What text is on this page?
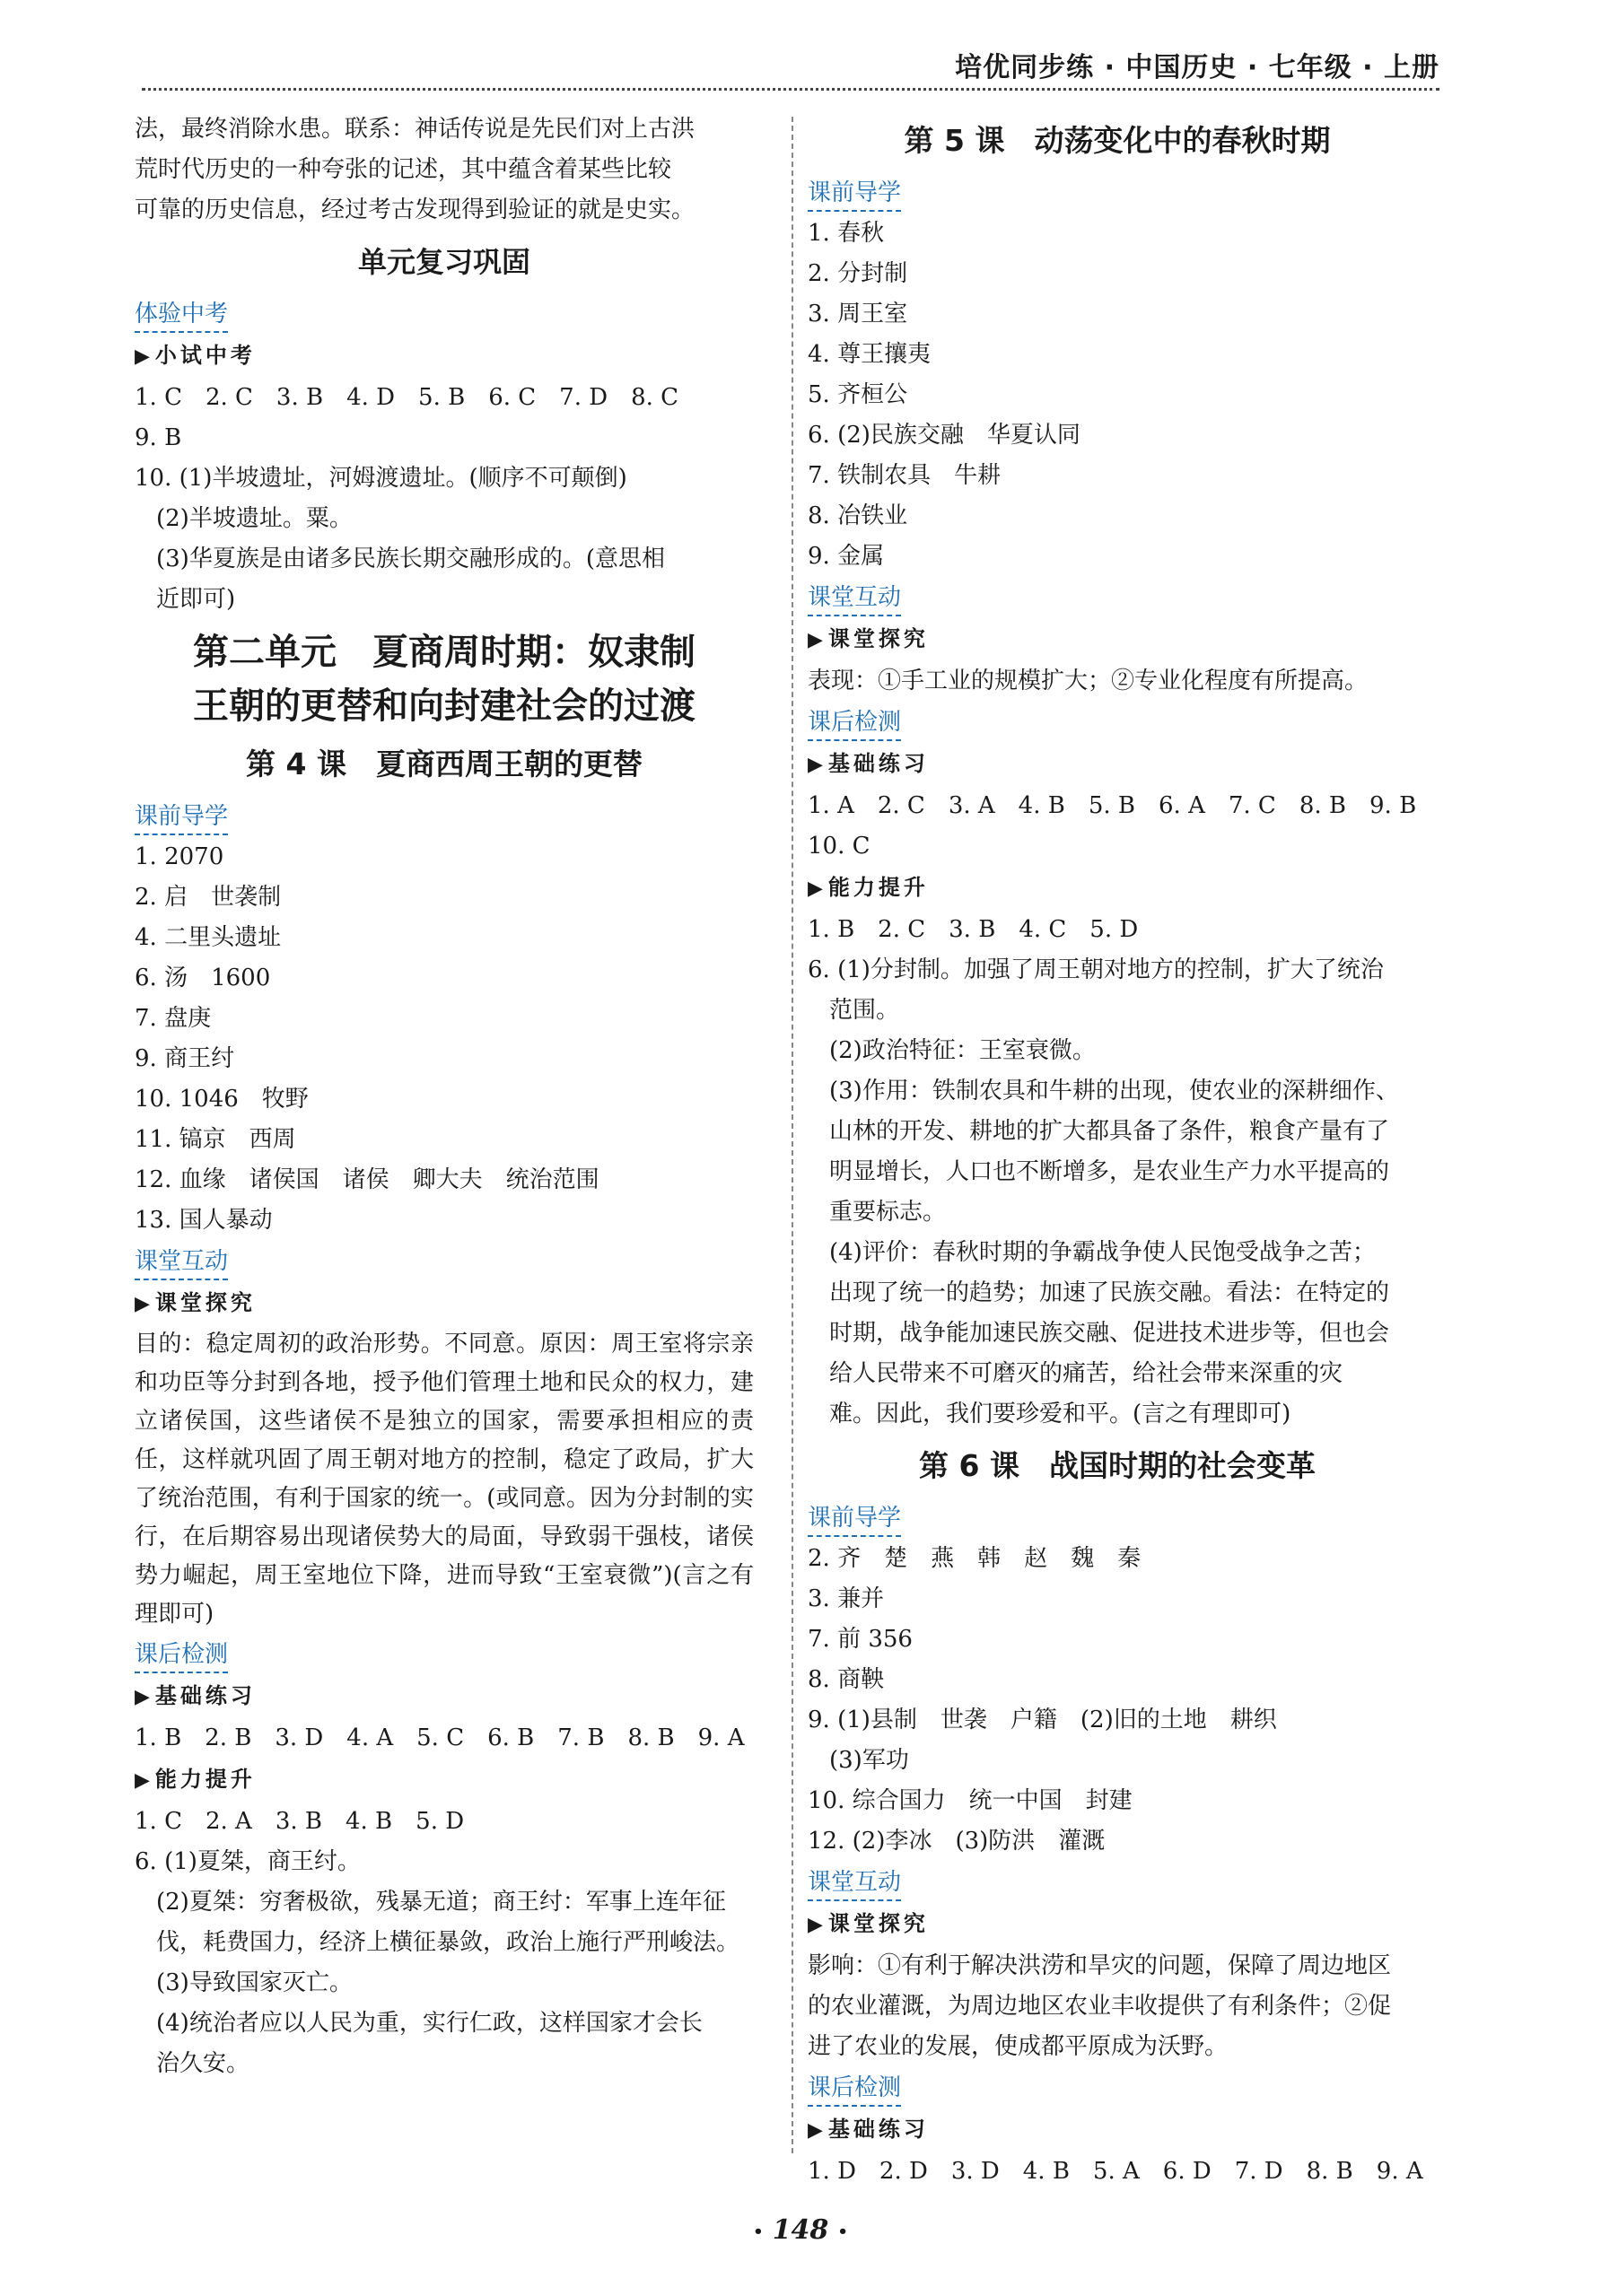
培优同步练 · 中国历史 · 七年级 · 上册
法，最终消除水患。联系：神话传说是先民们对上古洪
荒时代历史的一种夸张的记述，其中蕴含着某些比较
可靠的历史信息，经过考古发现得到验证的就是史实。
单元复习巩固
体验中考
▶ 小试中考
1. C　2. C　3. B　4. D　5. B　6. C　7. D　8. C
9. B
10. (1)半坡遗址，河姆渡遗址。(顺序不可颠倒)
(2)半坡遗址。粟。
(3)华夏族是由诸多民族长期交融形成的。(意思相
近即可)
第二单元　夏商周时期：奴隶制
王朝的更替和向封建社会的过渡
第 4 课　夏商西周王朝的更替
课前导学
1. 2070
2. 启　世袭制
4. 二里头遗址
6. 汤　1600
7. 盘庚
9. 商王纣
10. 1046　牧野
11. 镐京　西周
12. 血缘　诸侯国　诸侯　卿大夫　统治范围
13. 国人暴动
课堂互动
▶ 课堂探究
目的：稳定周初的政治形势。不同意。原因：周王室将宗亲和功臣等分封到各地，授予他们管理土地和民众的权力，建立诸侯国，这些诸侯不是独立的国家，需要承担相应的责任，这样就巩固了周王朝对地方的控制，稳定了政局，扩大了统治范围，有利于国家的统一。(或同意。因为分封制的实行，在后期容易出现诸侯势大的局面，导致弱干强枝，诸侯势力崛起，周王室地位下降，进而导致“王室衰微”)(言之有理即可)
课后检测
▶ 基础练习
1. B　2. B　3. D　4. A　5. C　6. B　7. B　8. B　9. A
▶ 能力提升
1. C　2. A　3. B　4. B　5. D
6. (1)夏桀，商王纣。
(2)夏桀：穷奢极欲，残暴无道；商王纣：军事上连年征
伐，耗费国力，经济上横征暴敛，政治上施行严刑峻法。
(3)导致国家灭亡。
(4)统治者应以人民为重，实行仁政，这样国家才会长
治久安。
第 5 课　动荡变化中的春秋时期
课前导学
1. 春秋
2. 分封制
3. 周王室
4. 尊王攘夷
5. 齐桓公
6. (2)民族交融　华夏认同
7. 铁制农具　牛耕
8. 冶铁业
9. 金属
课堂互动
▶ 课堂探究
表现：①手工业的规模扩大；②专业化程度有所提高。
课后检测
▶ 基础练习
1. A　2. C　3. A　4. B　5. B　6. A　7. C　8. B　9. B
10. C
▶ 能力提升
1. B　2. C　3. B　4. C　5. D
6. (1)分封制。加强了周王朝对地方的控制，扩大了统治
范围。
(2)政治特征：王室衰微。
(3)作用：铁制农具和牛耕的出现，使农业的深耕细作、
山林的开发、耕地的扩大都具备了条件，粮食产量有了
明显增长，人口也不断增多，是农业生产力水平提高的
重要标志。
(4)评价：春秋时期的争霸战争使人民饱受战争之苦；
出现了统一的趋势；加速了民族交融。看法：在特定的
时期，战争能加速民族交融、促进技术进步等，但也会
给人民带来不可磨灭的痛苦，给社会带来深重的灾
难。因此，我们要珍爱和平。(言之有理即可)
第 6 课　战国时期的社会变革
课前导学
2. 齐　楚　燕　韩　赵　魏　秦
3. 兼并
7. 前 356
8. 商鞅
9. (1)县制　世袭　户籍　(2)旧的土地　耕织
(3)军功
10. 综合国力　统一中国　封建
12. (2)李冰　(3)防洪　灌溉
课堂互动
▶ 课堂探究
影响：①有利于解决洪涝和旱灾的问题，保障了周边地区
的农业灌溉，为周边地区农业丰收提供了有利条件；②促
进了农业的发展，使成都平原成为沃野。
课后检测
▶ 基础练习
1. D　2. D　3. D　4. B　5. A　6. D　7. D　8. B　9. A
• 148 •
